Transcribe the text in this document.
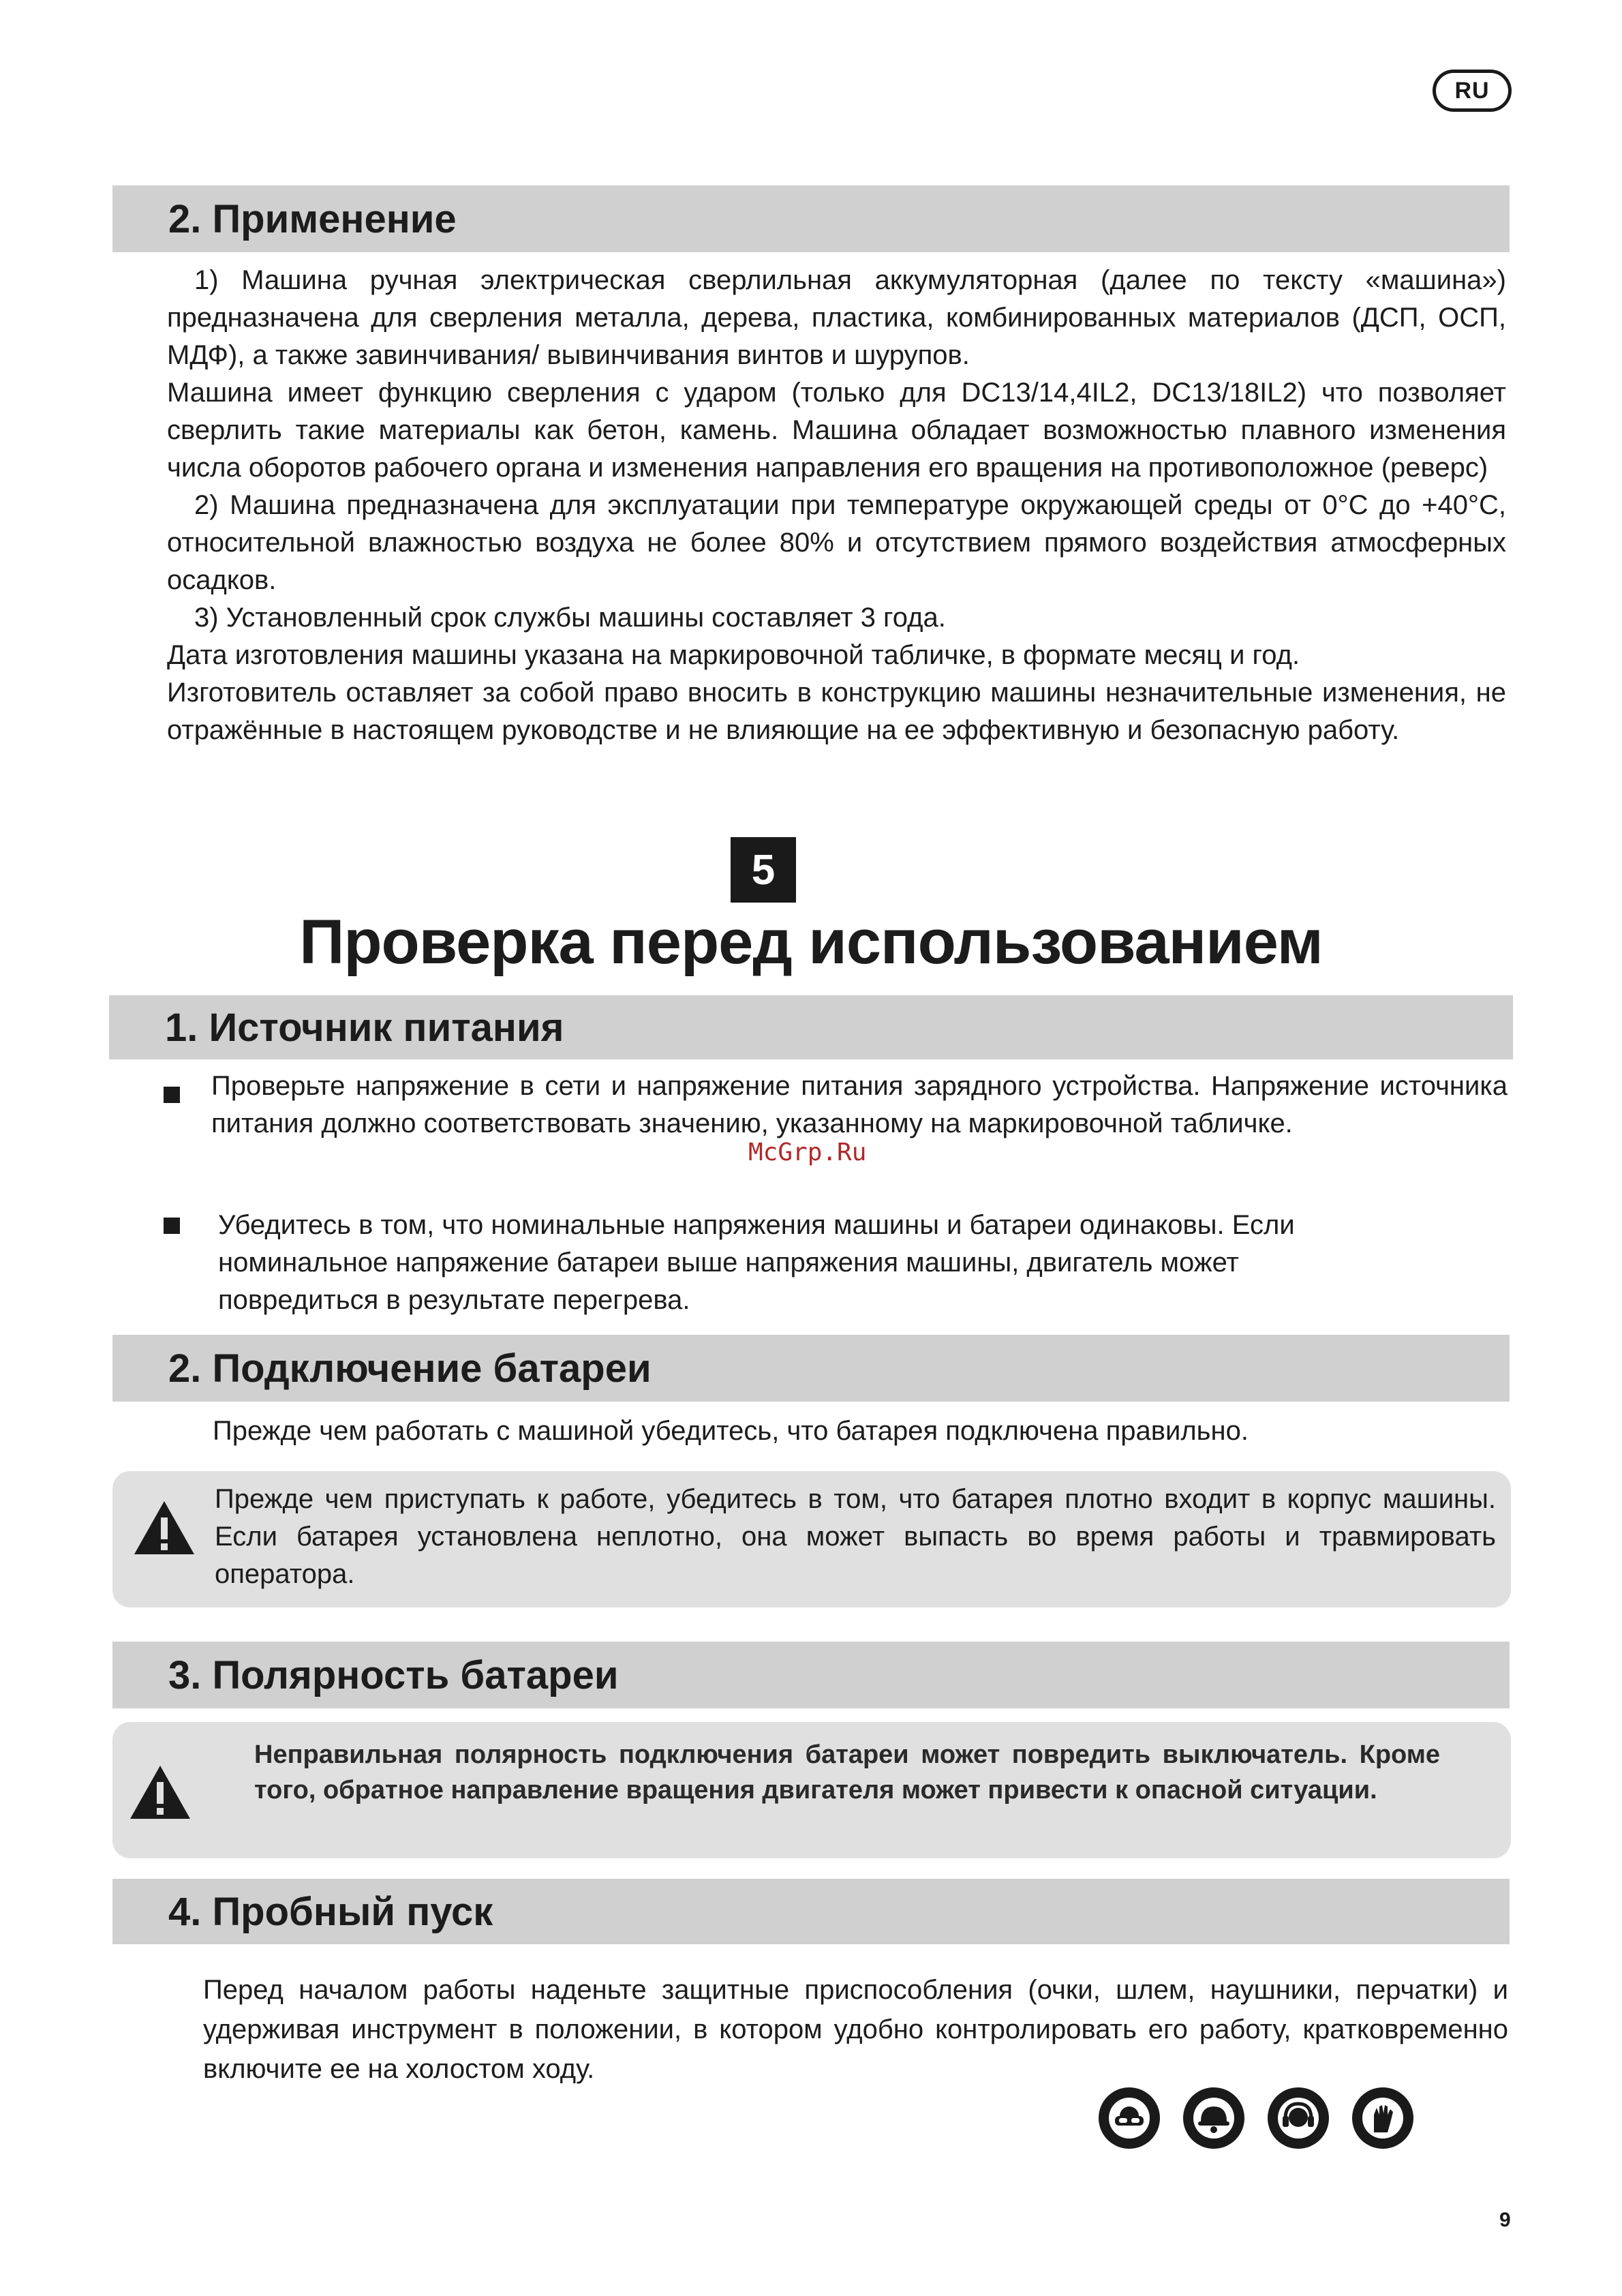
RU
2. Применение

1) Машина ручная электрическая сверлильная аккумуляторная (далее по тексту «машина») предназначена для сверления металла, дерева, пластика, комбинированных материалов (ДСП, ОСП, МДФ), а также завинчивания/ вывинчивания винтов и шурупов.

Машина имеет функцию сверления с ударом (только для DC13/14,4IL2, DC13/18IL2) что позволяет сверлить такие материалы как бетон, камень. Машина обладает возможностью плавного изменения числа оборотов рабочего органа и изменения направления его вращения на противоположное (реверс)

2) Машина предназначена для эксплуатации при температуре окружающей среды от 0°С до +40°С, относительной влажностью воздуха не более 80% и отсутствием прямого воздействия атмосферных осадков.

3) Установленный срок службы машины составляет 3 года.

Дата изготовления машины указана на маркировочной табличке, в формате месяц и год.

Изготовитель оставляет за собой право вносить в конструкцию машины незначительные изменения, не отражённые в настоящем руководстве и не влияющие на ее эффективную и безопасную работу.

5
Проверка перед использованием
1. Источник питания
Проверьте напряжение в сети и напряжение питания зарядного устройства. Напряжение источника питания должно соответствовать значению, указанному на маркировочной табличке.
McGrp.Ru
Убедитесь в том, что номинальные напряжения машины и батареи одинаковы. Если номинальное напряжение батареи выше напряжения машины, двигатель может повредиться в результате перегрева.
2. Подключение батареи
Прежде чем работать с машиной убедитесь, что батарея подключена правильно.
Прежде чем приступать к работе, убедитесь в том, что батарея плотно входит в корпус машины. Если батарея установлена неплотно, она может выпасть во время работы и травмировать оператора.
3. Полярность батареи
Неправильная полярность подключения батареи может повредить выключатель. Кроме того, обратное направление вращения двигателя может привести к опасной ситуации.
4. Пробный пуск
Перед началом работы наденьте защитные приспособления (очки, шлем, наушники, перчатки) и удерживая инструмент в положении, в котором удобно контролировать его работу, кратковременно включите ее на холостом ходу.
9
